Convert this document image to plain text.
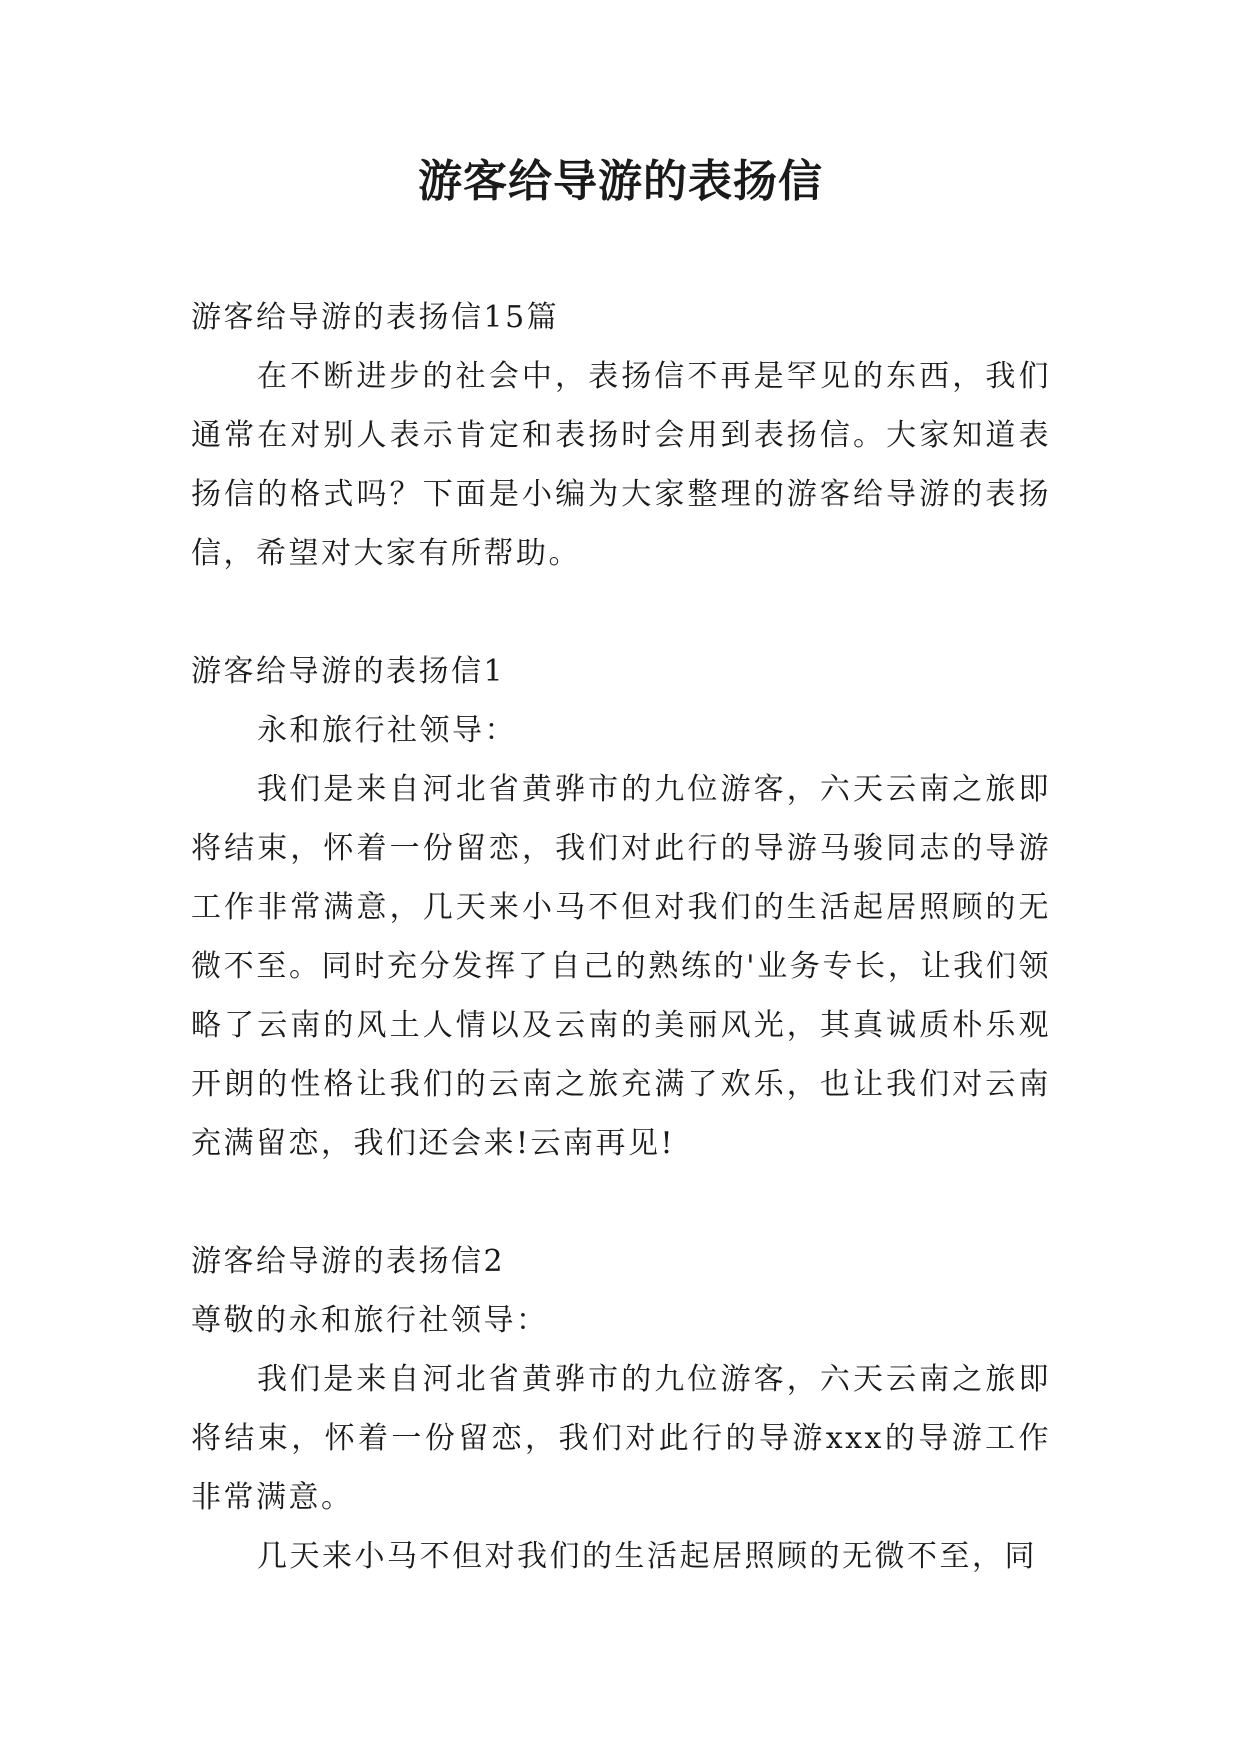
游客给导游的表扬信

游客给导游的表扬信15篇

在不断进步的社会中，表扬信不再是罕见的东西，我们通常在对别人表示肯定和表扬时会用到表扬信。大家知道表扬信的格式吗？下面是小编为大家整理的游客给导游的表扬信，希望对大家有所帮助。

游客给导游的表扬信1

永和旅行社领导：

我们是来自河北省黄骅市的九位游客，六天云南之旅即将结束，怀着一份留恋，我们对此行的导游马骏同志的导游工作非常满意，几天来小马不但对我们的生活起居照顾的无微不至。同时充分发挥了自己的熟练的'业务专长，让我们领略了云南的风土人情以及云南的美丽风光，其真诚质朴乐观开朗的性格让我们的云南之旅充满了欢乐，也让我们对云南充满留恋，我们还会来!云南再见!

游客给导游的表扬信2

尊敬的永和旅行社领导：

我们是来自河北省黄骅市的九位游客，六天云南之旅即将结束，怀着一份留恋，我们对此行的导游xxx的导游工作非常满意。

几天来小马不但对我们的生活起居照顾的无微不至，同
